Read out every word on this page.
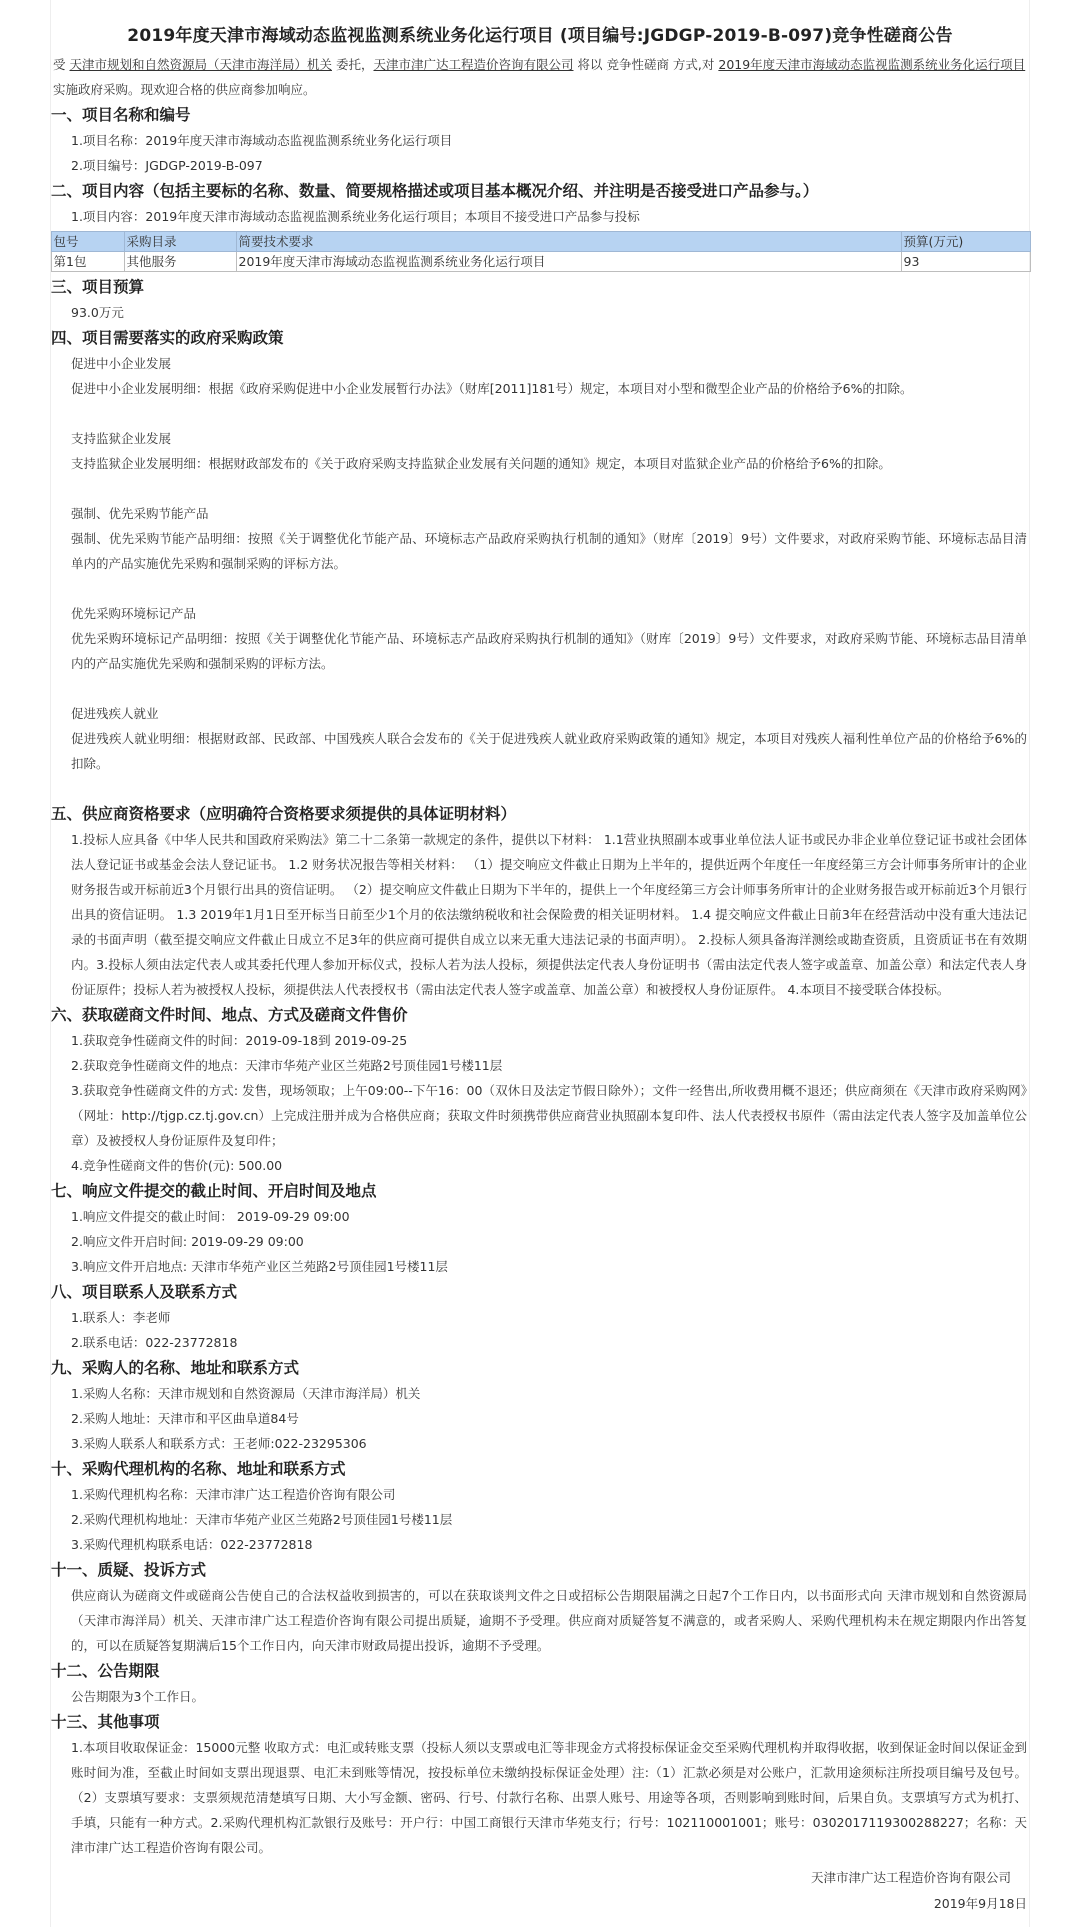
2019年度天津市海域动态监视监测系统业务化运行项目 (项目编号:JGDGP-2019-B-097)竞争性磋商公告
受 天津市规划和自然资源局（天津市海洋局）机关 委托，天津市津广达工程造价咨询有限公司 将以 竞争性磋商 方式,对 2019年度天津市海域动态监视监测系统业务化运行项目 实施政府采购。现欢迎合格的供应商参加响应。
一、项目名称和编号
1.项目名称：2019年度天津市海域动态监视监测系统业务化运行项目
2.项目编号：JGDGP-2019-B-097
二、项目内容（包括主要标的名称、数量、简要规格描述或项目基本概况介绍、并注明是否接受进口产品参与。）
1.项目内容：2019年度天津市海域动态监视监测系统业务化运行项目；本项目不接受进口产品参与投标
包号	采购目录	简要技术要求	预算(万元)
第1包	其他服务	2019年度天津市海域动态监视监测系统业务化运行项目	93
三、项目预算
93.0万元
四、项目需要落实的政府采购政策
促进中小企业发展
促进中小企业发展明细：根据《政府采购促进中小企业发展暂行办法》（财库[2011]181号）规定，本项目对小型和微型企业产品的价格给予6%的扣除。
支持监狱企业发展
支持监狱企业发展明细：根据财政部发布的《关于政府采购支持监狱企业发展有关问题的通知》规定，本项目对监狱企业产品的价格给予6%的扣除。
强制、优先采购节能产品
强制、优先采购节能产品明细：按照《关于调整优化节能产品、环境标志产品政府采购执行机制的通知》（财库〔2019〕9号）文件要求，对政府采购节能、环境标志品目清单内的产品实施优先采购和强制采购的评标方法。
优先采购环境标记产品
优先采购环境标记产品明细：按照《关于调整优化节能产品、环境标志产品政府采购执行机制的通知》（财库〔2019〕9号）文件要求，对政府采购节能、环境标志品目清单内的产品实施优先采购和强制采购的评标方法。
促进残疾人就业
促进残疾人就业明细：根据财政部、民政部、中国残疾人联合会发布的《关于促进残疾人就业政府采购政策的通知》规定，本项目对残疾人福利性单位产品的价格给予6%的扣除。
五、供应商资格要求（应明确符合资格要求须提供的具体证明材料）
1.投标人应具备《中华人民共和国政府采购法》第二十二条第一款规定的条件，提供以下材料： 1.1营业执照副本或事业单位法人证书或民办非企业单位登记证书或社会团体法人登记证书或基金会法人登记证书。 1.2 财务状况报告等相关材料： （1）提交响应文件截止日期为上半年的，提供近两个年度任一年度经第三方会计师事务所审计的企业财务报告或开标前近3个月银行出具的资信证明。 （2）提交响应文件截止日期为下半年的，提供上一个年度经第三方会计师事务所审计的企业财务报告或开标前近3个月银行出具的资信证明。 1.3 2019年1月1日至开标当日前至少1个月的依法缴纳税收和社会保险费的相关证明材料。 1.4 提交响应文件截止日前3年在经营活动中没有重大违法记录的书面声明（截至提交响应文件截止日成立不足3年的供应商可提供自成立以来无重大违法记录的书面声明）。 2.投标人须具备海洋测绘或勘查资质，且资质证书在有效期内。3.投标人须由法定代表人或其委托代理人参加开标仪式，投标人若为法人投标，须提供法定代表人身份证明书（需由法定代表人签字或盖章、加盖公章）和法定代表人身份证原件；投标人若为被授权人投标，须提供法人代表授权书（需由法定代表人签字或盖章、加盖公章）和被授权人身份证原件。 4.本项目不接受联合体投标。
六、获取磋商文件时间、地点、方式及磋商文件售价
1.获取竞争性磋商文件的时间：2019-09-18到 2019-09-25
2.获取竞争性磋商文件的地点：天津市华苑产业区兰苑路2号顶佳园1号楼11层
3.获取竞争性磋商文件的方式: 发售，现场领取；上午09:00--下午16：00（双休日及法定节假日除外）；文件一经售出,所收费用概不退还；供应商须在《天津市政府采购网》（网址：http://tjgp.cz.tj.gov.cn）上完成注册并成为合格供应商；获取文件时须携带供应商营业执照副本复印件、法人代表授权书原件（需由法定代表人签字及加盖单位公章）及被授权人身份证原件及复印件；
4.竞争性磋商文件的售价(元): 500.00
七、响应文件提交的截止时间、开启时间及地点
1.响应文件提交的截止时间： 2019-09-29 09:00
2.响应文件开启时间: 2019-09-29 09:00
3.响应文件开启地点: 天津市华苑产业区兰苑路2号顶佳园1号楼11层
八、项目联系人及联系方式
1.联系人：李老师
2.联系电话：022-23772818
九、采购人的名称、地址和联系方式
1.采购人名称：天津市规划和自然资源局（天津市海洋局）机关
2.采购人地址：天津市和平区曲阜道84号
3.采购人联系人和联系方式：王老师:022-23295306
十、采购代理机构的名称、地址和联系方式
1.采购代理机构名称：天津市津广达工程造价咨询有限公司
2.采购代理机构地址：天津市华苑产业区兰苑路2号顶佳园1号楼11层
3.采购代理机构联系电话：022-23772818
十一、质疑、投诉方式
供应商认为磋商文件或磋商公告使自己的合法权益收到损害的，可以在获取谈判文件之日或招标公告期限届满之日起7个工作日内，以书面形式向 天津市规划和自然资源局（天津市海洋局）机关、天津市津广达工程造价咨询有限公司提出质疑，逾期不予受理。供应商对质疑答复不满意的，或者采购人、采购代理机构未在规定期限内作出答复的，可以在质疑答复期满后15个工作日内，向天津市财政局提出投诉，逾期不予受理。
十二、公告期限
公告期限为3个工作日。
十三、其他事项
1.本项目收取保证金：15000元整 收取方式：电汇或转账支票（投标人须以支票或电汇等非现金方式将投标保证金交至采购代理机构并取得收据，收到保证金时间以保证金到账时间为准，至截止时间如支票出现退票、电汇未到账等情况，按投标单位未缴纳投标保证金处理）注:（1）汇款必须是对公账户，汇款用途须标注所投项目编号及包号。（2）支票填写要求：支票须规范清楚填写日期、大小写金额、密码、行号、付款行名称、出票人账号、用途等各项，否则影响到账时间，后果自负。支票填写方式为机打、手填，只能有一种方式。2.采购代理机构汇款银行及账号：开户行：中国工商银行天津市华苑支行；行号：102110001001；账号：0302017119300288227；名称：天津市津广达工程造价咨询有限公司。
天津市津广达工程造价咨询有限公司
2019年9月18日
